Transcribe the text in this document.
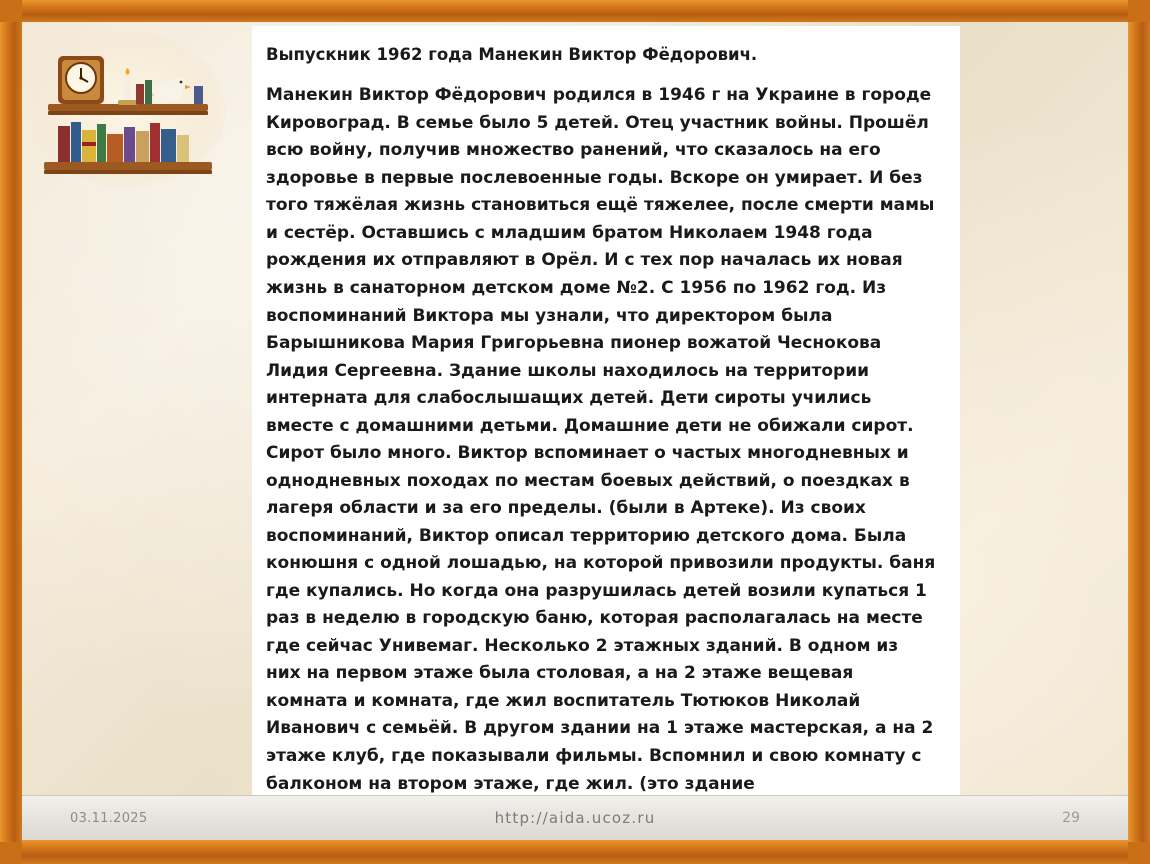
Выпускник 1962 года Манекин Виктор Фёдорович.

Манекин Виктор Фёдорович родился в 1946 г на Украине в городе Кировоград. В семье было 5 детей. Отец участник войны. Прошёл всю войну, получив множество ранений, что сказалось на его здоровье в первые послевоенные годы. Вскоре он умирает. И без того тяжёлая жизнь становиться ещё тяжелее, после смерти мамы и сестёр. Оставшись с младшим братом Николаем 1948 года рождения их отправляют в Орёл. И с тех пор началась их новая жизнь в санаторном детском доме №2. С 1956 по 1962 год. Из воспоминаний Виктора мы узнали, что директором была Барышникова Мария Григорьевна пионер вожатой Чеснокова Лидия Сергеевна. Здание школы находилось на территории интерната для слабослышащих детей. Дети сироты учились вместе с домашними детьми. Домашние дети не обижали сирот. Сирот было много. Виктор вспоминает о частых многодневных и однодневных походах по местам боевых действий, о поездках в лагеря области и за его пределы. (были в Артеке). Из своих воспоминаний, Виктор описал территорию детского дома. Была конюшня с одной лошадью, на которой привозили продукты. баня где купались. Но когда она разрушилась детей возили купаться 1 раз в неделю в городскую баню, которая располагалась на месте где сейчас Унивемаг. Несколько 2 этажных зданий. В одном из них на первом этаже была столовая, а на 2 этаже вещевая комната и комната, где жил воспитатель Тютюков Николай Иванович с семьёй. В другом здании на 1 этаже мастерская, а на 2 этаже клуб, где показывали фильмы. Вспомнил и свою комнату с балконом на втором этаже, где жил. (это здание

03.11.2025	http://aida.ucoz.ru	29
